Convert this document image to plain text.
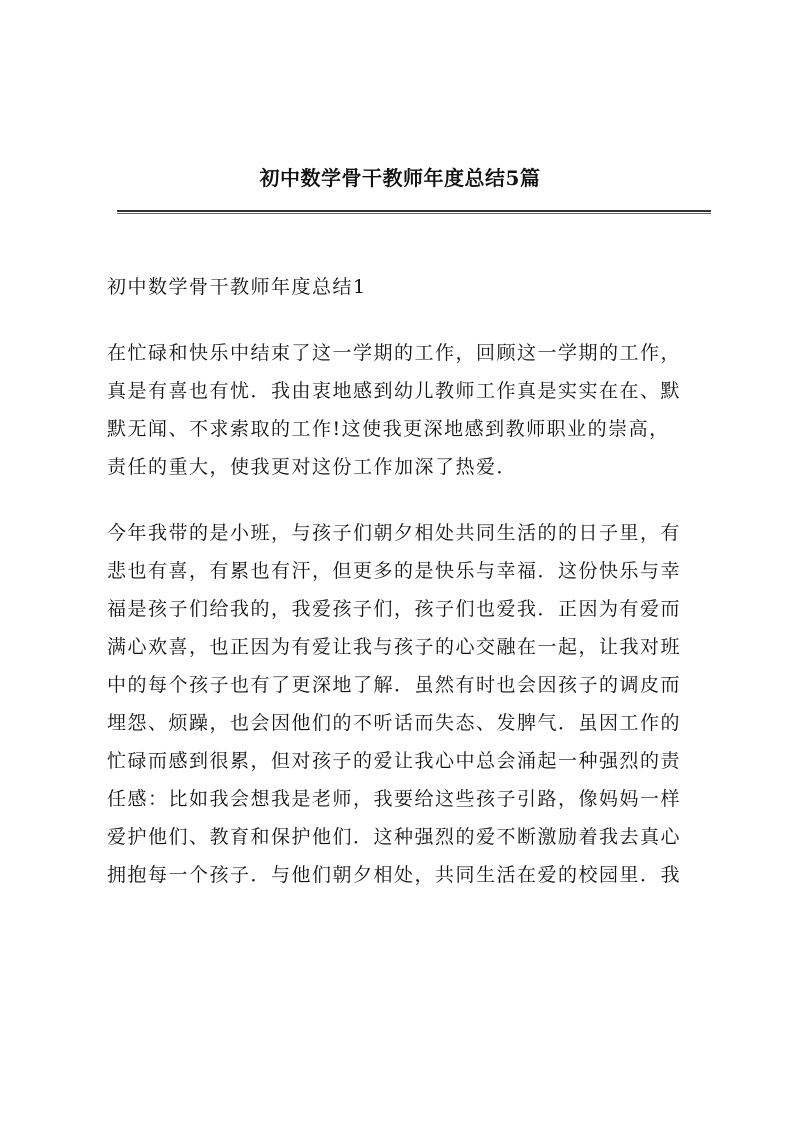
初中数学骨干教师年度总结5篇
初中数学骨干教师年度总结1
在忙碌和快乐中结束了这一学期的工作，回顾这一学期的工作，
真是有喜也有忧．我由衷地感到幼儿教师工作真是实实在在、默
默无闻、不求索取的工作!这使我更深地感到教师职业的崇高，
责任的重大，使我更对这份工作加深了热爱．
今年我带的是小班，与孩子们朝夕相处共同生活的的日子里，有
悲也有喜，有累也有汗，但更多的是快乐与幸福．这份快乐与幸
福是孩子们给我的，我爱孩子们，孩子们也爱我．正因为有爱而
满心欢喜，也正因为有爱让我与孩子的心交融在一起，让我对班
中的每个孩子也有了更深地了解．虽然有时也会因孩子的调皮而
埋怨、烦躁，也会因他们的不听话而失态、发脾气．虽因工作的
忙碌而感到很累，但对孩子的爱让我心中总会涌起一种强烈的责
任感：比如我会想我是老师，我要给这些孩子引路，像妈妈一样
爱护他们、教育和保护他们．这种强烈的爱不断激励着我去真心
拥抱每一个孩子．与他们朝夕相处，共同生活在爱的校园里．我
